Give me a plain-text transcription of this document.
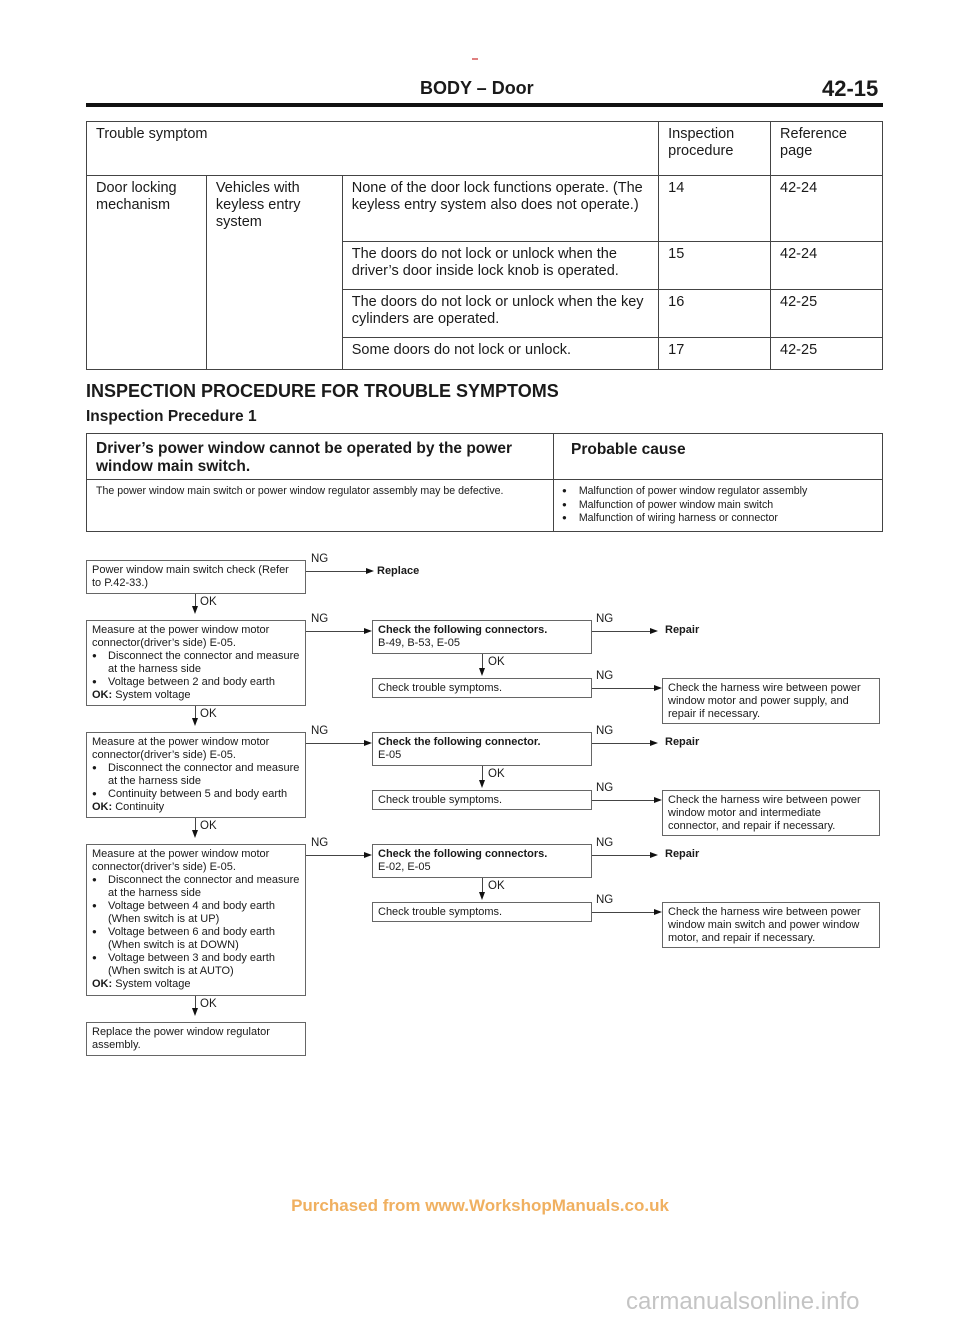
BODY – Door	42-15
Trouble symptom			Inspection procedure	Reference page
Door locking mechanism	Vehicles with keyless entry system	None of the door lock functions operate. (The keyless entry system also does not operate.)	14	42-24
		The doors do not lock or unlock when the driver’s door inside lock knob is operated.	15	42-24
		The doors do not lock or unlock when the key cylinders are operated.	16	42-25
		Some doors do not lock or unlock.	17	42-25
INSPECTION PROCEDURE FOR TROUBLE SYMPTOMS
Inspection Precedure 1
Driver’s power window cannot be operated by the power window main switch.
Probable cause
The power window main switch or power window regulator assembly may be defective.	● Malfunction of power window regulator assembly
● Malfunction of power window main switch
● Malfunction of wiring harness or connector
Power window main switch check (Refer to P.42-33.)
NG
Replace
OK
Measure at the power window motor connector(driver’s side) E-05.
● Disconnect the connector and measure at the harness side
● Voltage between 2 and body earth
OK: System voltage
NG
Check the following connectors.
B-49, B-53, E-05
NG
Repair
OK
Check trouble symptoms.
NG
Check the harness wire between power window motor and power supply, and repair if necessary.
OK
Measure at the power window motor connector(driver’s side) E-05.
● Disconnect the connector and measure at the harness side
● Continuity between 5 and body earth
OK: Continuity
NG
Check the following connector.
E-05
NG
Repair
OK
Check trouble symptoms.
NG
Check the harness wire between power window motor and intermediate connector, and repair if necessary.
OK
Measure at the power window motor connector(driver’s side) E-05.
● Disconnect the connector and measure at the harness side
● Voltage between 4 and body earth (When switch is at UP)
● Voltage between 6 and body earth (When switch is at DOWN)
● Voltage between 3 and body earth (When switch is at AUTO)
OK: System voltage
NG
Check the following connectors.
E-02, E-05
NG
Repair
OK
Check trouble symptoms.
NG
Check the harness wire between power window main switch and power window motor, and repair if necessary.
OK
Replace the power window regulator assembly.
Purchased from www.WorkshopManuals.co.uk
carmanualsonline.info
